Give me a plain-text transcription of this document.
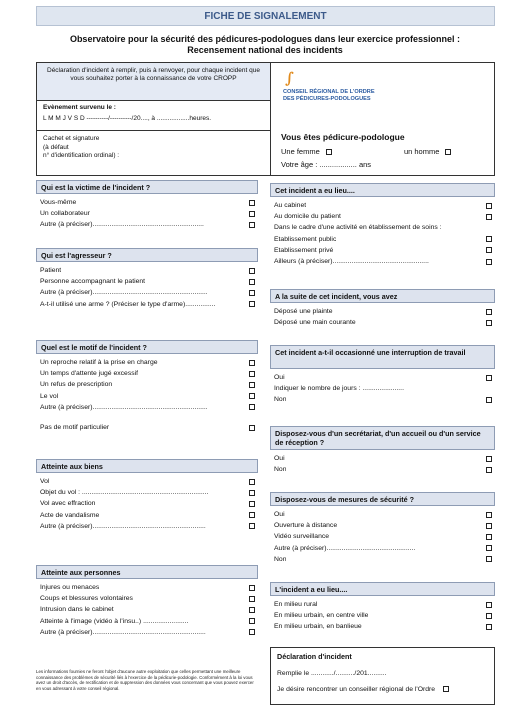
FICHE DE SIGNALEMENT
Observatoire pour la sécurité des pédicures-podologues dans leur exercice professionnel :
Recensement national des incidents
Déclaration d'incident à remplir, puis à renvoyer, pour chaque incident que vous souhaitez porter à la connaissance de votre CROPP
Evènement survenu le :
L M M J V S D ----------/----------/20...., à ..................heures.
Cachet et signature
(à défaut
n° d'identification ordinal) :
∫
CONSEIL RÉGIONAL DE L'ORDRE
DES PÉDICURES-PODOLOGUES
Vous êtes pédicure-podologue
Une femme	un homme
Votre âge : .................. ans
Qui est la victime de l'incident ?
Vous-même
Un collaborateur
Autre (à préciser)...........................................................
Qui est l'agresseur ?
Patient
Personne accompagnant le patient
Autre (à préciser).............................................................
A-t-il utilisé une arme ? (Préciser le type d'arme)................
Quel est le motif de l'incident ?
Un reproche relatif à la prise en charge
Un temps d'attente jugé excessif
Un refus de prescription
Le vol
Autre (à préciser).............................................................
Pas de motif particulier
Atteinte aux biens
Vol
Objet du vol : ...................................................................
Vol avec effraction
Acte de vandalisme
Autre (à préciser)............................................................
Atteinte aux personnes
Injures ou menaces
Coups et blessures volontaires
Intrusion dans le cabinet
Atteinte à l'image (vidéo à l'insu..) ........................
Autre (à préciser)............................................................
Cet incident a eu lieu....
Au cabinet
Au domicile du patient
Dans le cadre d'une activité en établissement de soins :
Etablissement public
Etablissement privé
Ailleurs (à préciser)...................................................
A la suite de cet incident, vous avez
Déposé une plainte
Déposé une main courante
Cet incident a-t-il occasionné une interruption de travail
Oui
Indiquer le nombre de jours : ......................
Non
Disposez-vous d'un secrétariat, d'un accueil ou d'un service de réception ?
Oui
Non
Disposez-vous de mesures de sécurité ?
Oui
Ouverture à distance
Vidéo surveillance
Autre (à préciser)...............................................
Non
L'incident a eu lieu....
En milieu rural
En milieu urbain, en centre ville
En milieu urbain, en banlieue
Les informations fournies ne feront l'objet d'aucune autre exploitation que celles permettant une meilleure connaissance des problèmes de sécurité liés à l'exercice de la pédicurie-podologie. Conformément à la loi vous avez un droit d'accès, de rectification et de suppression des données vous concernant que vous pouvez exercer en vous adressant à votre conseil régional.
Déclaration d'incident
Remplie le ............/........../201..........
Je désire rencontrer un conseiller régional de l'Ordre
